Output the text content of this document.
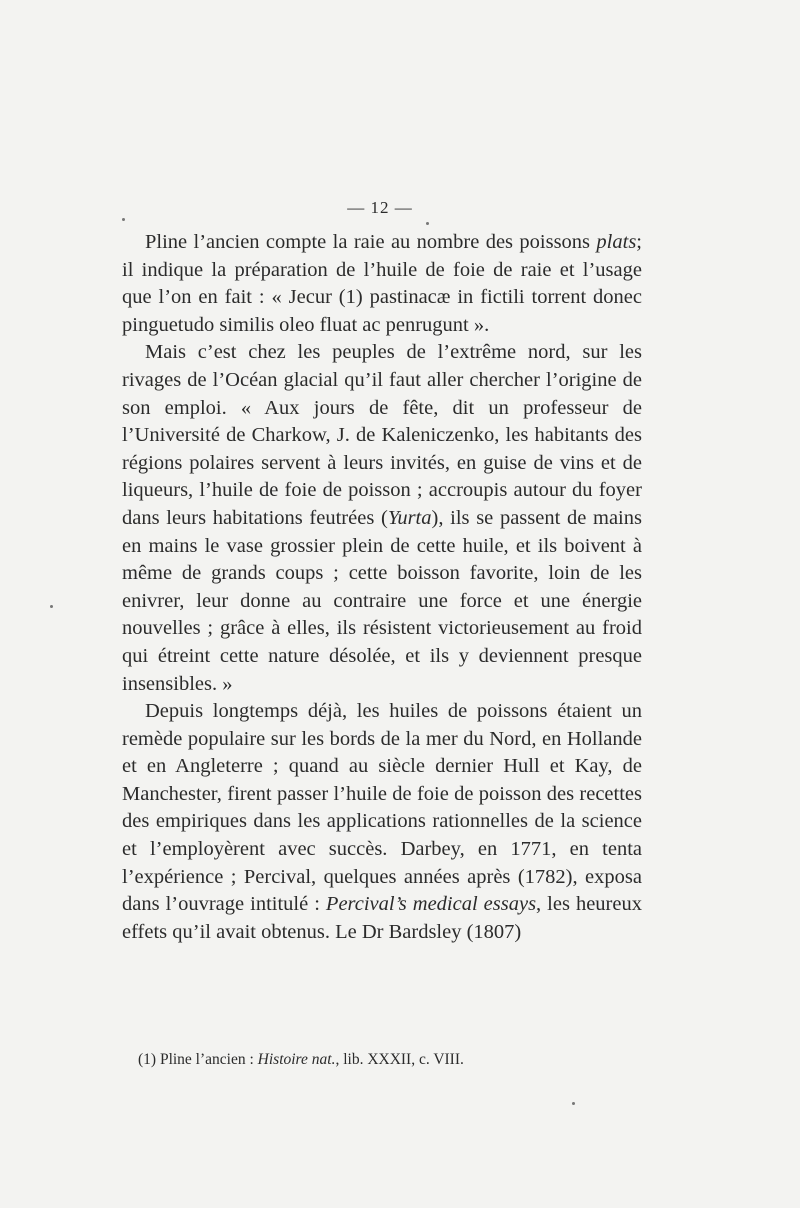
— 12 —

Pline l’ancien compte la raie au nombre des poissons plats; il indique la préparation de l’huile de foie de raie et l’usage que l’on en fait : « Jecur (1) pastinacæ in fictili torrent donec pinguetudo similis oleo fluat ac penrugunt ».

Mais c’est chez les peuples de l’extrême nord, sur les rivages de l’Océan glacial qu’il faut aller chercher l’origine de son emploi. « Aux jours de fête, dit un professeur de l’Université de Charkow, J. de Kaleniczenko, les habitants des régions polaires servent à leurs invités, en guise de vins et de liqueurs, l’huile de foie de poisson ; accroupis autour du foyer dans leurs habitations feutrées (Yurta), ils se passent de mains en mains le vase grossier plein de cette huile, et ils boivent à même de grands coups ; cette boisson favorite, loin de les enivrer, leur donne au contraire une force et une énergie nouvelles ; grâce à elles, ils résistent victorieusement au froid qui étreint cette nature désolée, et ils y deviennent presque insensibles. »

Depuis longtemps déjà, les huiles de poissons étaient un remède populaire sur les bords de la mer du Nord, en Hollande et en Angleterre ; quand au siècle dernier Hull et Kay, de Manchester, firent passer l’huile de foie de poisson des recettes des empiriques dans les applications rationnelles de la science et l’employèrent avec succès. Darbey, en 1771, en tenta l’expérience ; Percival, quelques années après (1782), exposa dans l’ouvrage intitulé : Percival’s medical essays, les heureux effets qu’il avait obtenus. Le Dr Bardsley (1807)

(1) Pline l’ancien : Histoire nat., lib. XXXII, c. VIII.
